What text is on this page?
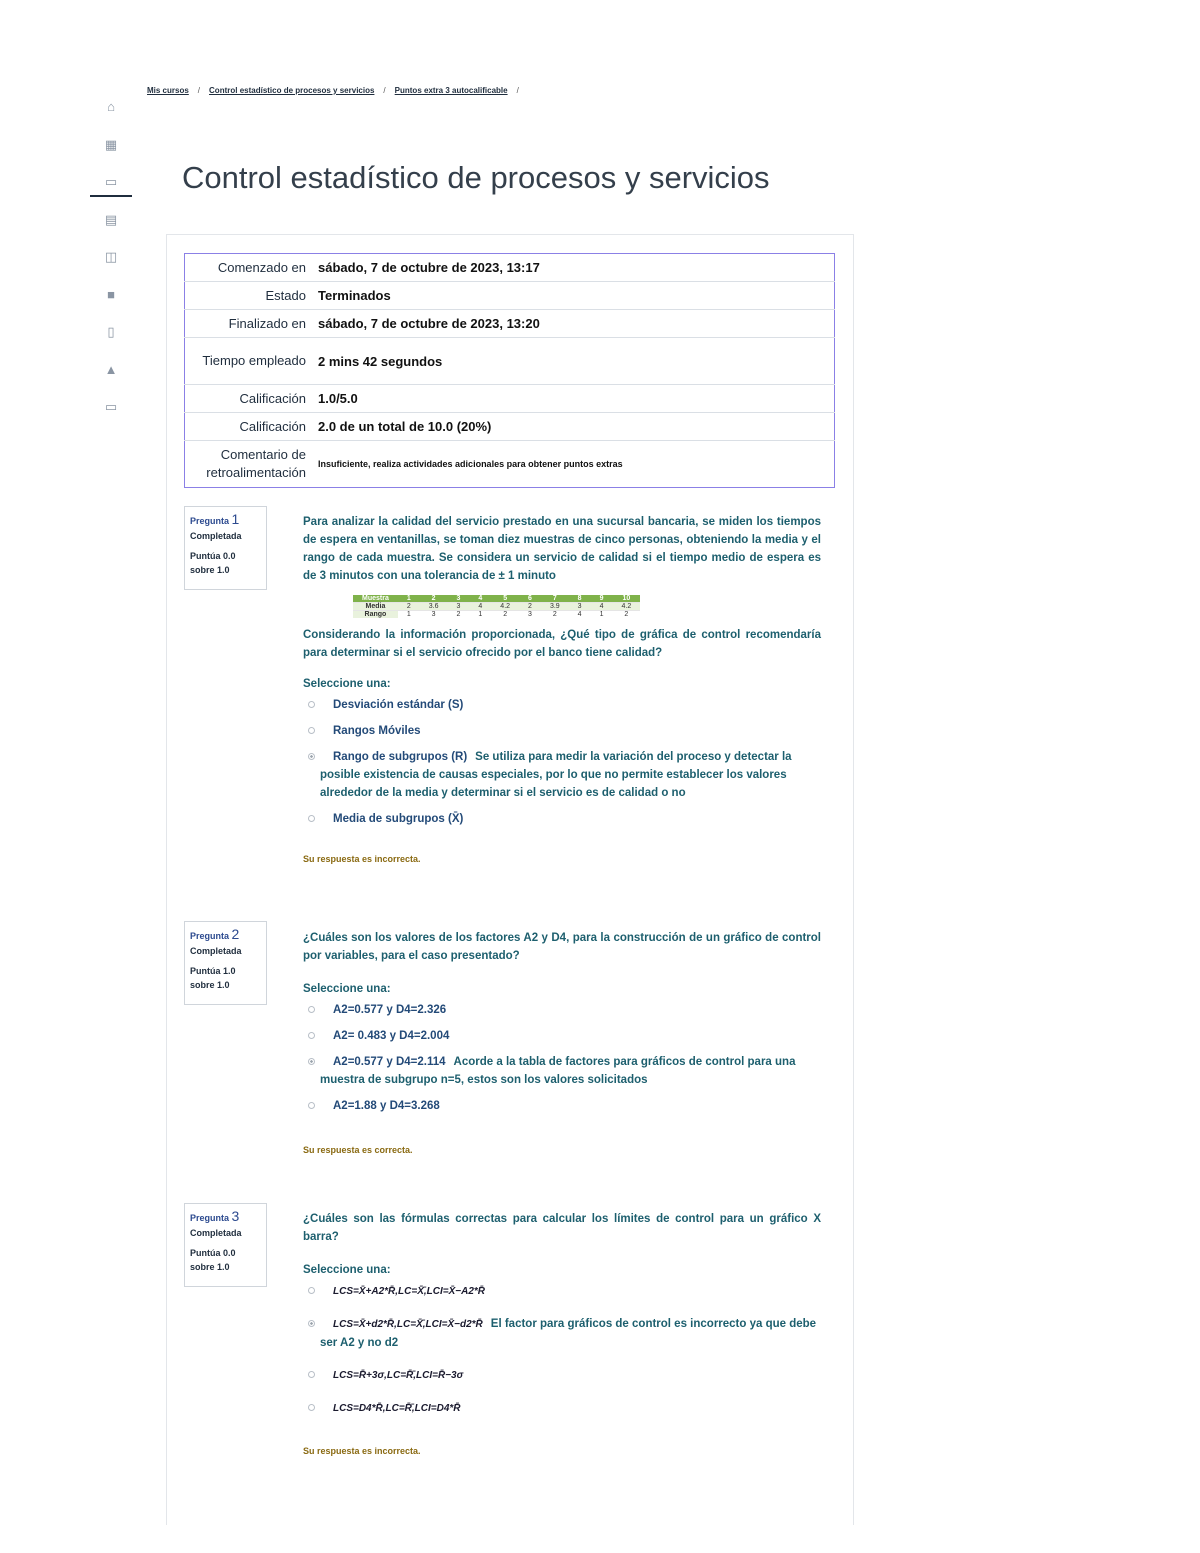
⌂
▦
▭
▤
◫
■
▯
▲
▭
Mis cursos / Control estadístico de procesos y servicios / Puntos extra 3 autocalificable /
Control estadístico de procesos y servicios
Comenzado en	sábado, 7 de octubre de 2023, 13:17
Estado	Terminados
Finalizado en	sábado, 7 de octubre de 2023, 13:20
Tiempo empleado	2 mins 42 segundos
Calificación	1.0/5.0
Calificación	2.0 de un total de 10.0 (20%)
Comentario de retroalimentación	Insuficiente, realiza actividades adicionales para obtener puntos extras
Pregunta 1
Completada
Puntúa 0.0
sobre 1.0

Para analizar la calidad del servicio prestado en una sucursal bancaria, se miden los tiempos de espera en ventanillas, se toman diez muestras de cinco personas, obteniendo la media y el rango de cada muestra. Se considera un servicio de calidad si el tiempo medio de espera es de 3 minutos con una tolerancia de ± 1 minuto

Muestra	1	2	3	4	5	6	7	8	9	10
Media	2	3.6	3	4	4.2	2	3.9	3	4	4.2
Rango	1	3	2	1	2	3	2	4	1	2

Considerando la información proporcionada, ¿Qué tipo de gráfica de control recomendaría para determinar si el servicio ofrecido por el banco tiene calidad?

Seleccione una:

Desviación estándar (S)
Rangos Móviles
Rango de subgrupos (R) Se utiliza para medir la variación del proceso y detectar la posible existencia de causas especiales, por lo que no permite establecer los valores alrededor de la media y determinar si el servicio es de calidad o no
Media de subgrupos (X̄)

Su respuesta es incorrecta.

Pregunta 2
Completada
Puntúa 1.0
sobre 1.0

¿Cuáles son los valores de los factores A2 y D4, para la construcción de un gráfico de control por variables, para el caso presentado?

Seleccione una:

A2=0.577 y D4=2.326
A2= 0.483 y D4=2.004
A2=0.577 y D4=2.114 Acorde a la tabla de factores para gráficos de control para una muestra de subgrupo n=5, estos son los valores solicitados
A2=1.88 y D4=3.268

Su respuesta es correcta.

Pregunta 3
Completada
Puntúa 0.0
sobre 1.0

¿Cuáles son las fórmulas correctas para calcular los límites de control para un gráfico X barra?

Seleccione una:

LCS=X̄+A2*R̄,LC=X̄̄,LCI=X̄−A2*R̄
LCS=X̄+d2*R̄,LC=X̄̄,LCI=X̄−d2*R̄ El factor para gráficos de control es incorrecto ya que debe ser A2 y no d2
LCS=R̄+3σ,LC=R̄̄,LCI=R̄−3σ
LCS=D4*R̄,LC=R̄̄,LCI=D4*R̄

Su respuesta es incorrecta.
